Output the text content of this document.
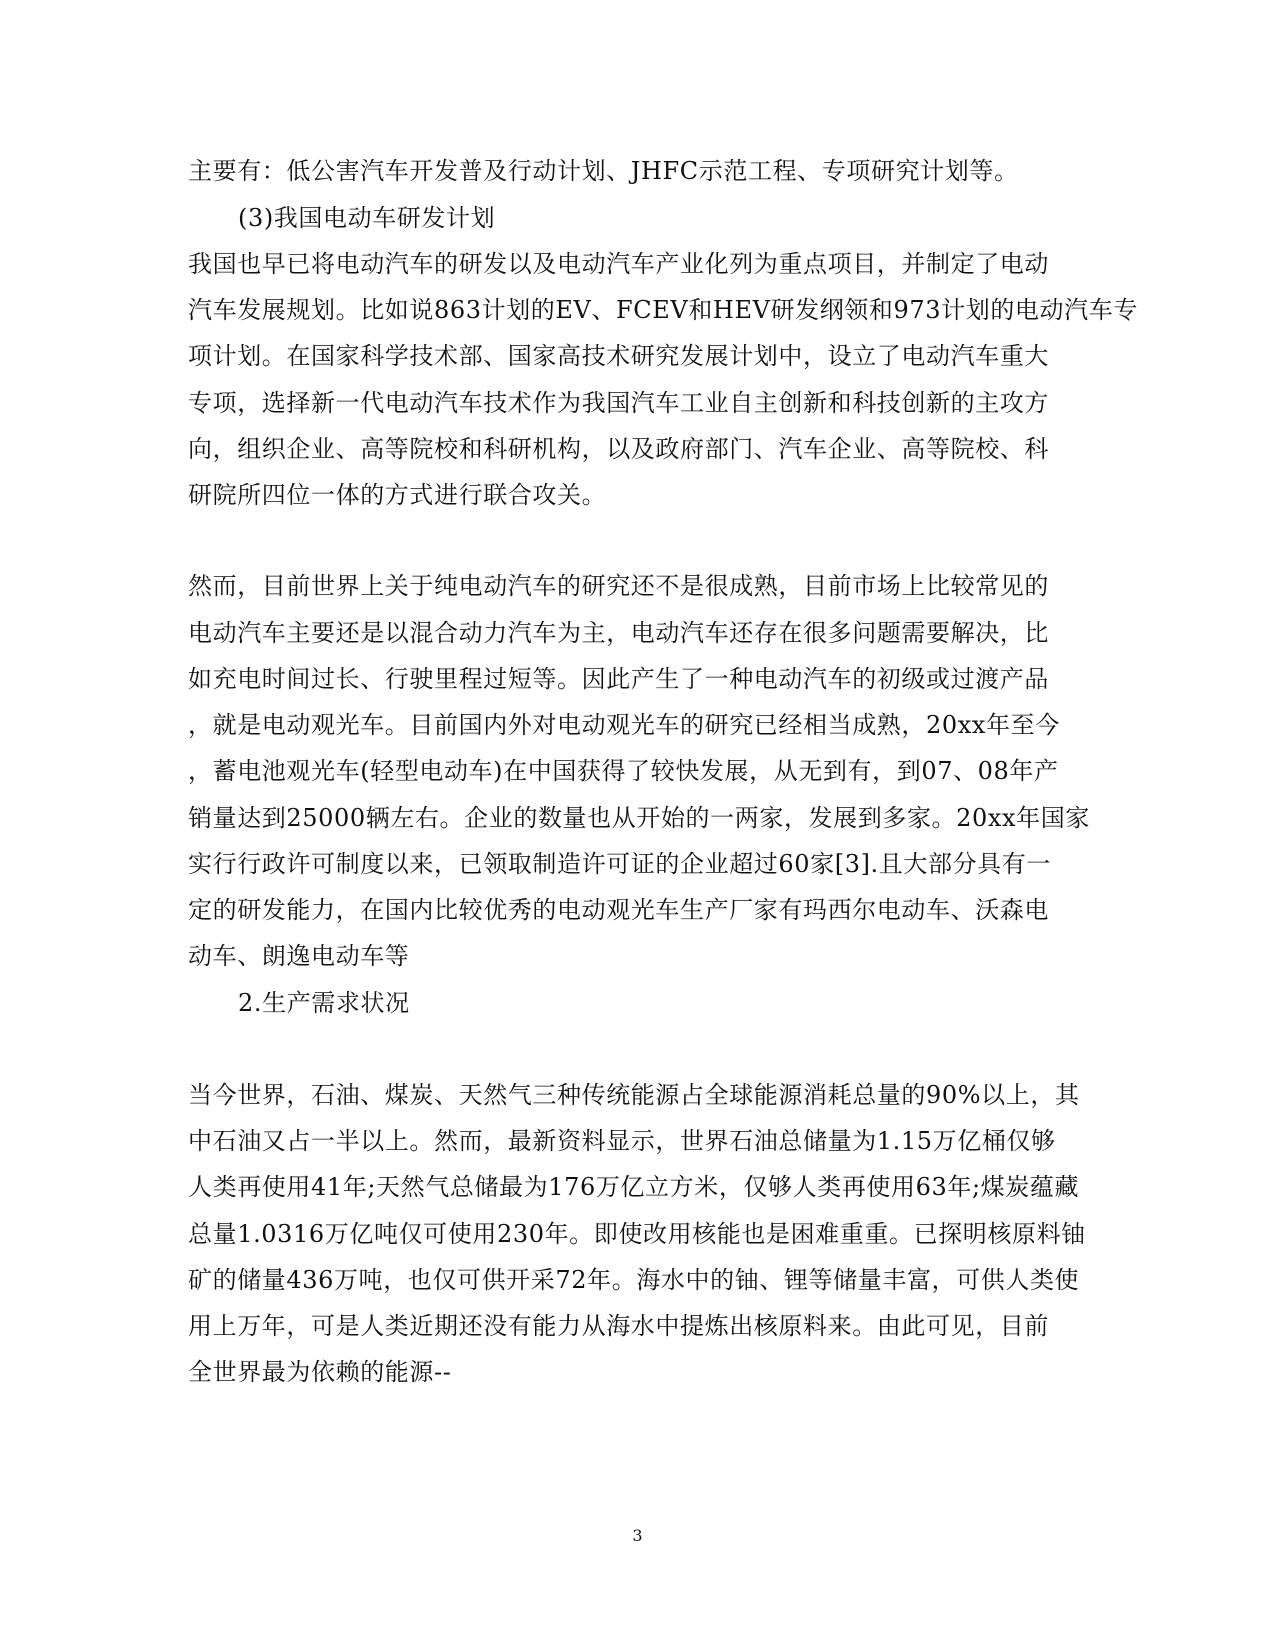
主要有：低公害汽车开发普及行动计划、JHFC示范工程、专项研究计划等。
(3)我国电动车研发计划
我国也早已将电动汽车的研发以及电动汽车产业化列为重点项目，并制定了电动
汽车发展规划。比如说863计划的EV、FCEV和HEV研发纲领和973计划的电动汽车专
项计划。在国家科学技术部、国家高技术研究发展计划中，设立了电动汽车重大
专项，选择新一代电动汽车技术作为我国汽车工业自主创新和科技创新的主攻方
向，组织企业、高等院校和科研机构，以及政府部门、汽车企业、高等院校、科
研院所四位一体的方式进行联合攻关。
然而，目前世界上关于纯电动汽车的研究还不是很成熟，目前市场上比较常见的
电动汽车主要还是以混合动力汽车为主，电动汽车还存在很多问题需要解决，比
如充电时间过长、行驶里程过短等。因此产生了一种电动汽车的初级或过渡产品
，就是电动观光车。目前国内外对电动观光车的研究已经相当成熟，20xx年至今
，蓄电池观光车(轻型电动车)在中国获得了较快发展，从无到有，到07、08年产
销量达到25000辆左右。企业的数量也从开始的一两家，发展到多家。20xx年国家
实行行政许可制度以来，已领取制造许可证的企业超过60家[3].且大部分具有一
定的研发能力，在国内比较优秀的电动观光车生产厂家有玛西尔电动车、沃森电
动车、朗逸电动车等
2.生产需求状况
当今世界，石油、煤炭、天然气三种传统能源占全球能源消耗总量的90%以上，其
中石油又占一半以上。然而，最新资料显示，世界石油总储量为1.15万亿桶仅够
人类再使用41年;天然气总储最为176万亿立方米，仅够人类再使用63年;煤炭蕴藏
总量1.0316万亿吨仅可使用230年。即使改用核能也是困难重重。已探明核原料铀
矿的储量436万吨，也仅可供开采72年。海水中的铀、锂等储量丰富，可供人类使
用上万年，可是人类近期还没有能力从海水中提炼出核原料来。由此可见，目前
全世界最为依赖的能源--
3
